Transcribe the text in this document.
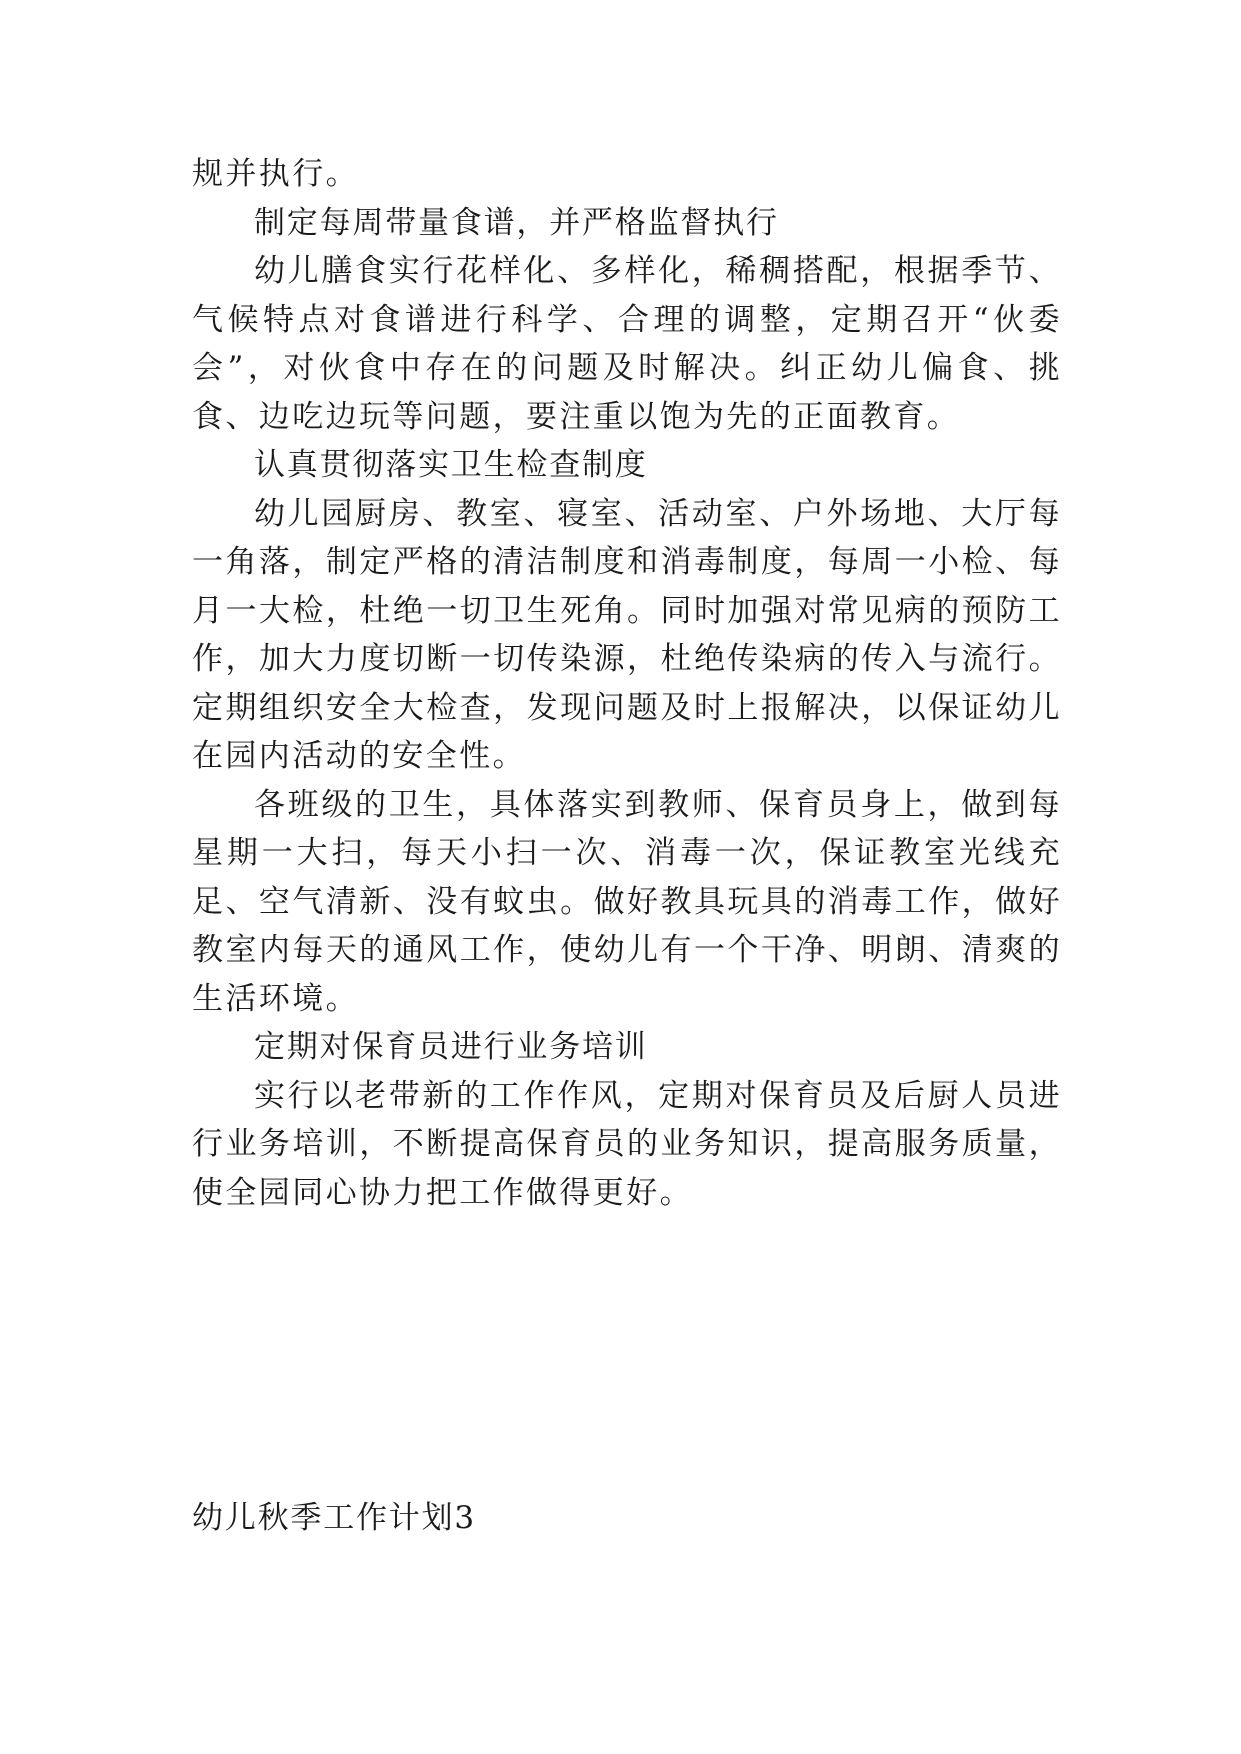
规并执行。

制定每周带量食谱，并严格监督执行

幼儿膳食实行花样化、多样化，稀稠搭配，根据季节、气候特点对食谱进行科学、合理的调整，定期召开“伙委会”，对伙食中存在的问题及时解决。纠正幼儿偏食、挑食、边吃边玩等问题，要注重以饱为先的正面教育。

认真贯彻落实卫生检查制度

幼儿园厨房、教室、寝室、活动室、户外场地、大厅每一角落，制定严格的清洁制度和消毒制度，每周一小检、每月一大检，杜绝一切卫生死角。同时加强对常见病的预防工作，加大力度切断一切传染源，杜绝传染病的传入与流行。定期组织安全大检查，发现问题及时上报解决，以保证幼儿在园内活动的安全性。

各班级的卫生，具体落实到教师、保育员身上，做到每星期一大扫，每天小扫一次、消毒一次，保证教室光线充足、空气清新、没有蚊虫。做好教具玩具的消毒工作，做好教室内每天的通风工作，使幼儿有一个干净、明朗、清爽的生活环境。

定期对保育员进行业务培训

实行以老带新的工作作风，定期对保育员及后厨人员进行业务培训，不断提高保育员的业务知识，提高服务质量，使全园同心协力把工作做得更好。

幼儿秋季工作计划3
